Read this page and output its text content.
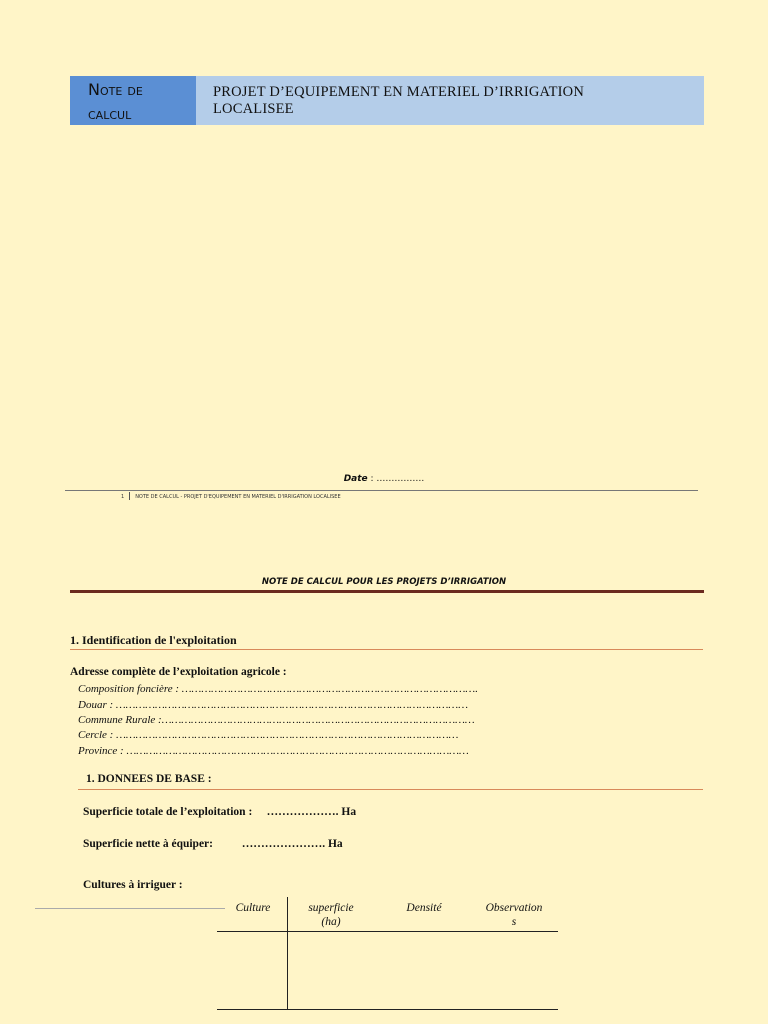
Note de
calcul
PROJET D’EQUIPEMENT EN MATERIEL D’IRRIGATION
LOCALISEE
Date : …………….
1 NOTE DE CALCUL - PROJET D'EQUIPEMENT EN MATERIEL D'IRRIGATION LOCALISEE
NOTE DE CALCUL POUR LES PROJETS D’IRRIGATION
1. Identification de l'exploitation
Adresse complète de l’exploitation agricole :
Composition foncière : ……………………………………………………………………………….
Douar : ………………………………………………………………………………………………
Commune Rurale :……………………………………………………………………………………
Cercle : ……………………………………………………………………………………………
Province : ……………………………………………………………………………………………
1. DONNEES DE BASE :
Superficie totale de l’exploitation :     ………………. Ha
Superficie nette à équiper:          …………………. Ha
Cultures à irriguer :
Culture	superficie
(ha)
Densité	Observation
s
